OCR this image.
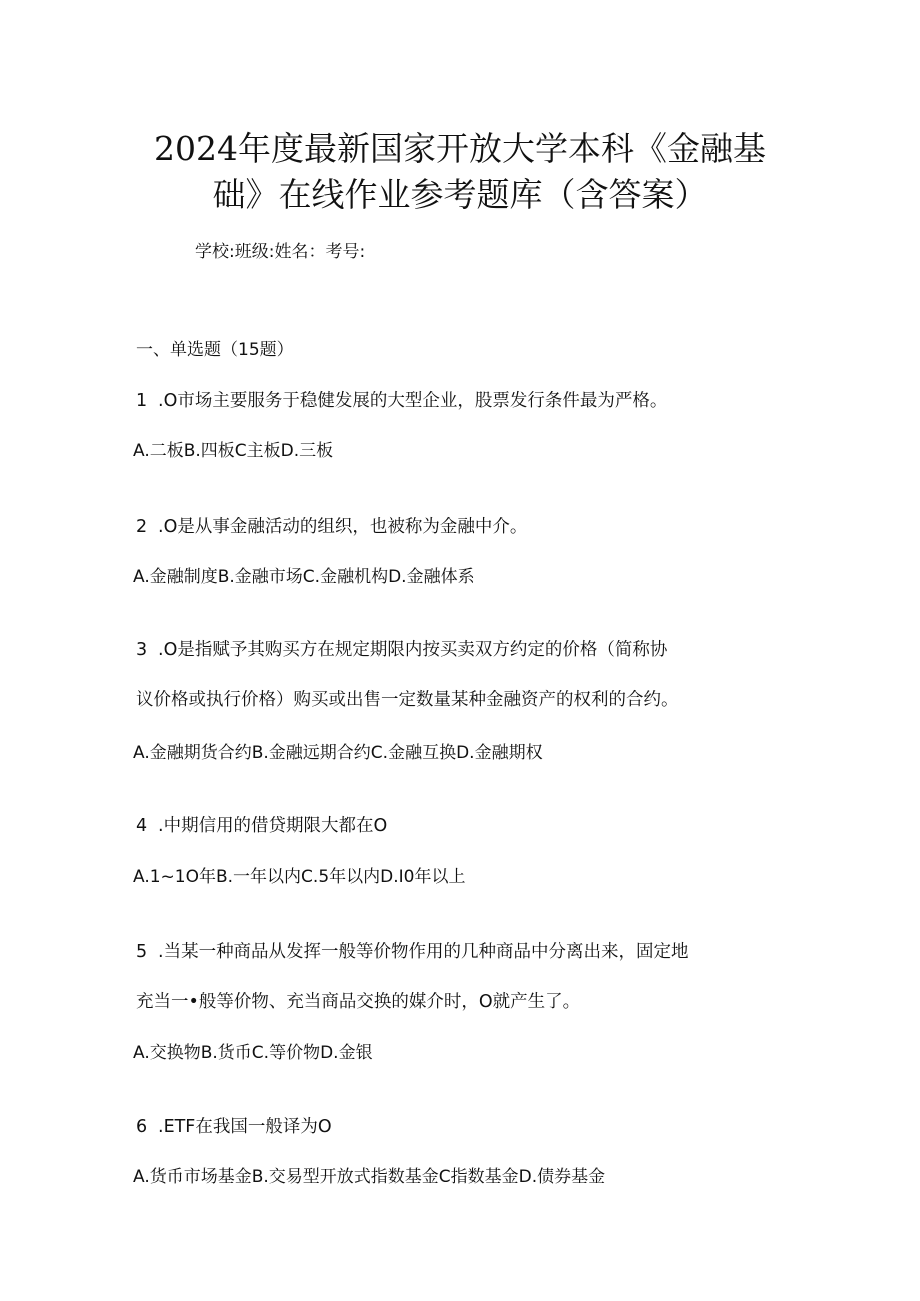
2024年度最新国家开放大学本科《金融基
础》在线作业参考题库（含答案）

学校:班级:姓名：考号:

一、单选题（15题）

1 .O市场主要服务于稳健发展的大型企业，股票发行条件最为严格。

A.二板B.四板C主板D.三板

2 .O是从事金融活动的组织，也被称为金融中介。

A.金融制度B.金融市场C.金融机构D.金融体系

3 .O是指赋予其购买方在规定期限内按买卖双方约定的价格（简称协

议价格或执行价格）购买或出售一定数量某种金融资产的权利的合约。

A.金融期货合约B.金融远期合约C.金融互换D.金融期权

4 .中期信用的借贷期限大都在O

A.1~1O年B.一年以内C.5年以内D.I0年以上

5 .当某一种商品从发挥一般等价物作用的几种商品中分离出来，固定地

充当一•般等价物、充当商品交换的媒介时，O就产生了。

A.交换物B.货币C.等价物D.金银

6 .ETF在我国一般译为O

A.货币市场基金B.交易型开放式指数基金C指数基金D.债券基金
